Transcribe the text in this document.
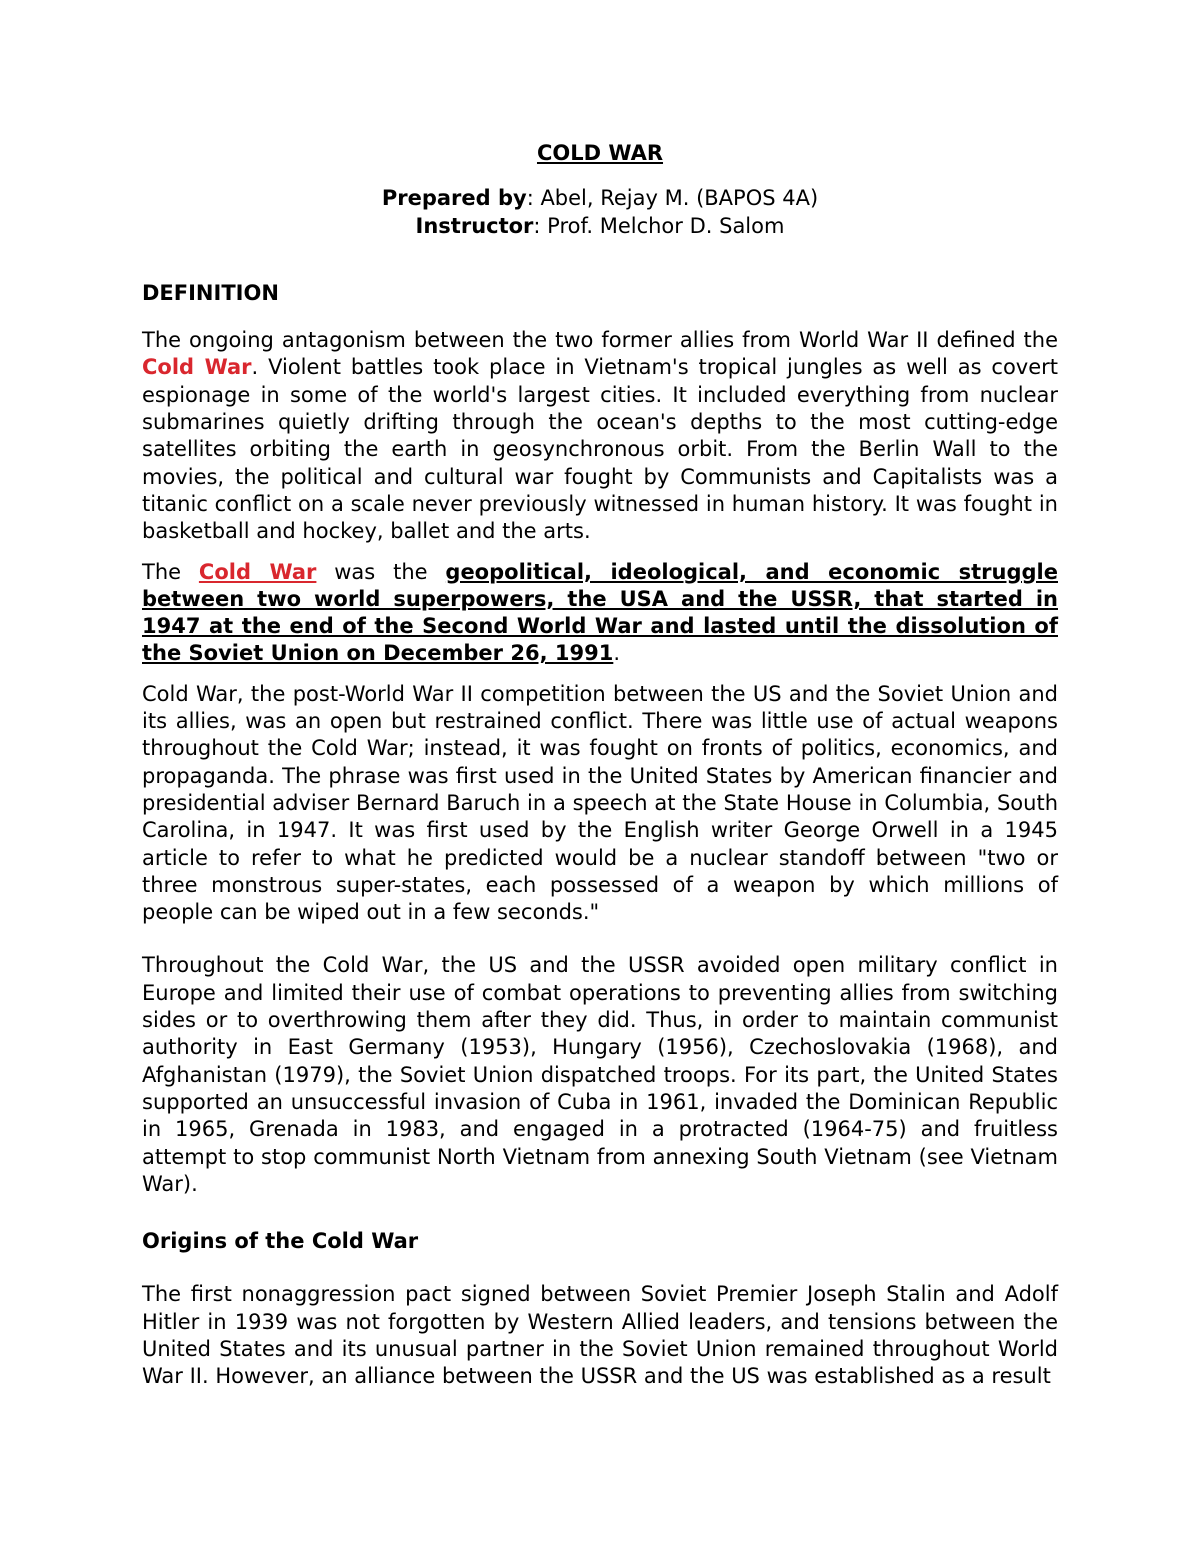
COLD WAR
Prepared by: Abel, Rejay M. (BAPOS 4A)
Instructor: Prof. Melchor D. Salom
DEFINITION

The ongoing antagonism between the two former allies from World War II defined the Cold War. Violent battles took place in Vietnam's tropical jungles as well as covert espionage in some of the world's largest cities. It included everything from nuclear submarines quietly drifting through the ocean's depths to the most cutting-edge satellites orbiting the earth in geosynchronous orbit. From the Berlin Wall to the movies, the political and cultural war fought by Communists and Capitalists was a titanic conflict on a scale never previously witnessed in human history. It was fought in basketball and hockey, ballet and the arts.

The Cold War was the geopolitical, ideological, and economic struggle between two world superpowers, the USA and the USSR, that started in 1947 at the end of the Second World War and lasted until the dissolution of the Soviet Union on December 26, 1991.

Cold War, the post-World War II competition between the US and the Soviet Union and its allies, was an open but restrained conflict. There was little use of actual weapons throughout the Cold War; instead, it was fought on fronts of politics, economics, and propaganda. The phrase was first used in the United States by American financier and presidential adviser Bernard Baruch in a speech at the State House in Columbia, South Carolina, in 1947. It was first used by the English writer George Orwell in a 1945 article to refer to what he predicted would be a nuclear standoff between "two or three monstrous super-states, each possessed of a weapon by which millions of people can be wiped out in a few seconds."

Throughout the Cold War, the US and the USSR avoided open military conflict in Europe and limited their use of combat operations to preventing allies from switching sides or to overthrowing them after they did. Thus, in order to maintain communist authority in East Germany (1953), Hungary (1956), Czechoslovakia (1968), and Afghanistan (1979), the Soviet Union dispatched troops. For its part, the United States supported an unsuccessful invasion of Cuba in 1961, invaded the Dominican Republic in 1965, Grenada in 1983, and engaged in a protracted (1964-75) and fruitless attempt to stop communist North Vietnam from annexing South Vietnam (see Vietnam War).

Origins of the Cold War

The first nonaggression pact signed between Soviet Premier Joseph Stalin and Adolf Hitler in 1939 was not forgotten by Western Allied leaders, and tensions between the United States and its unusual partner in the Soviet Union remained throughout World War II. However, an alliance between the USSR and the US was established as a result
